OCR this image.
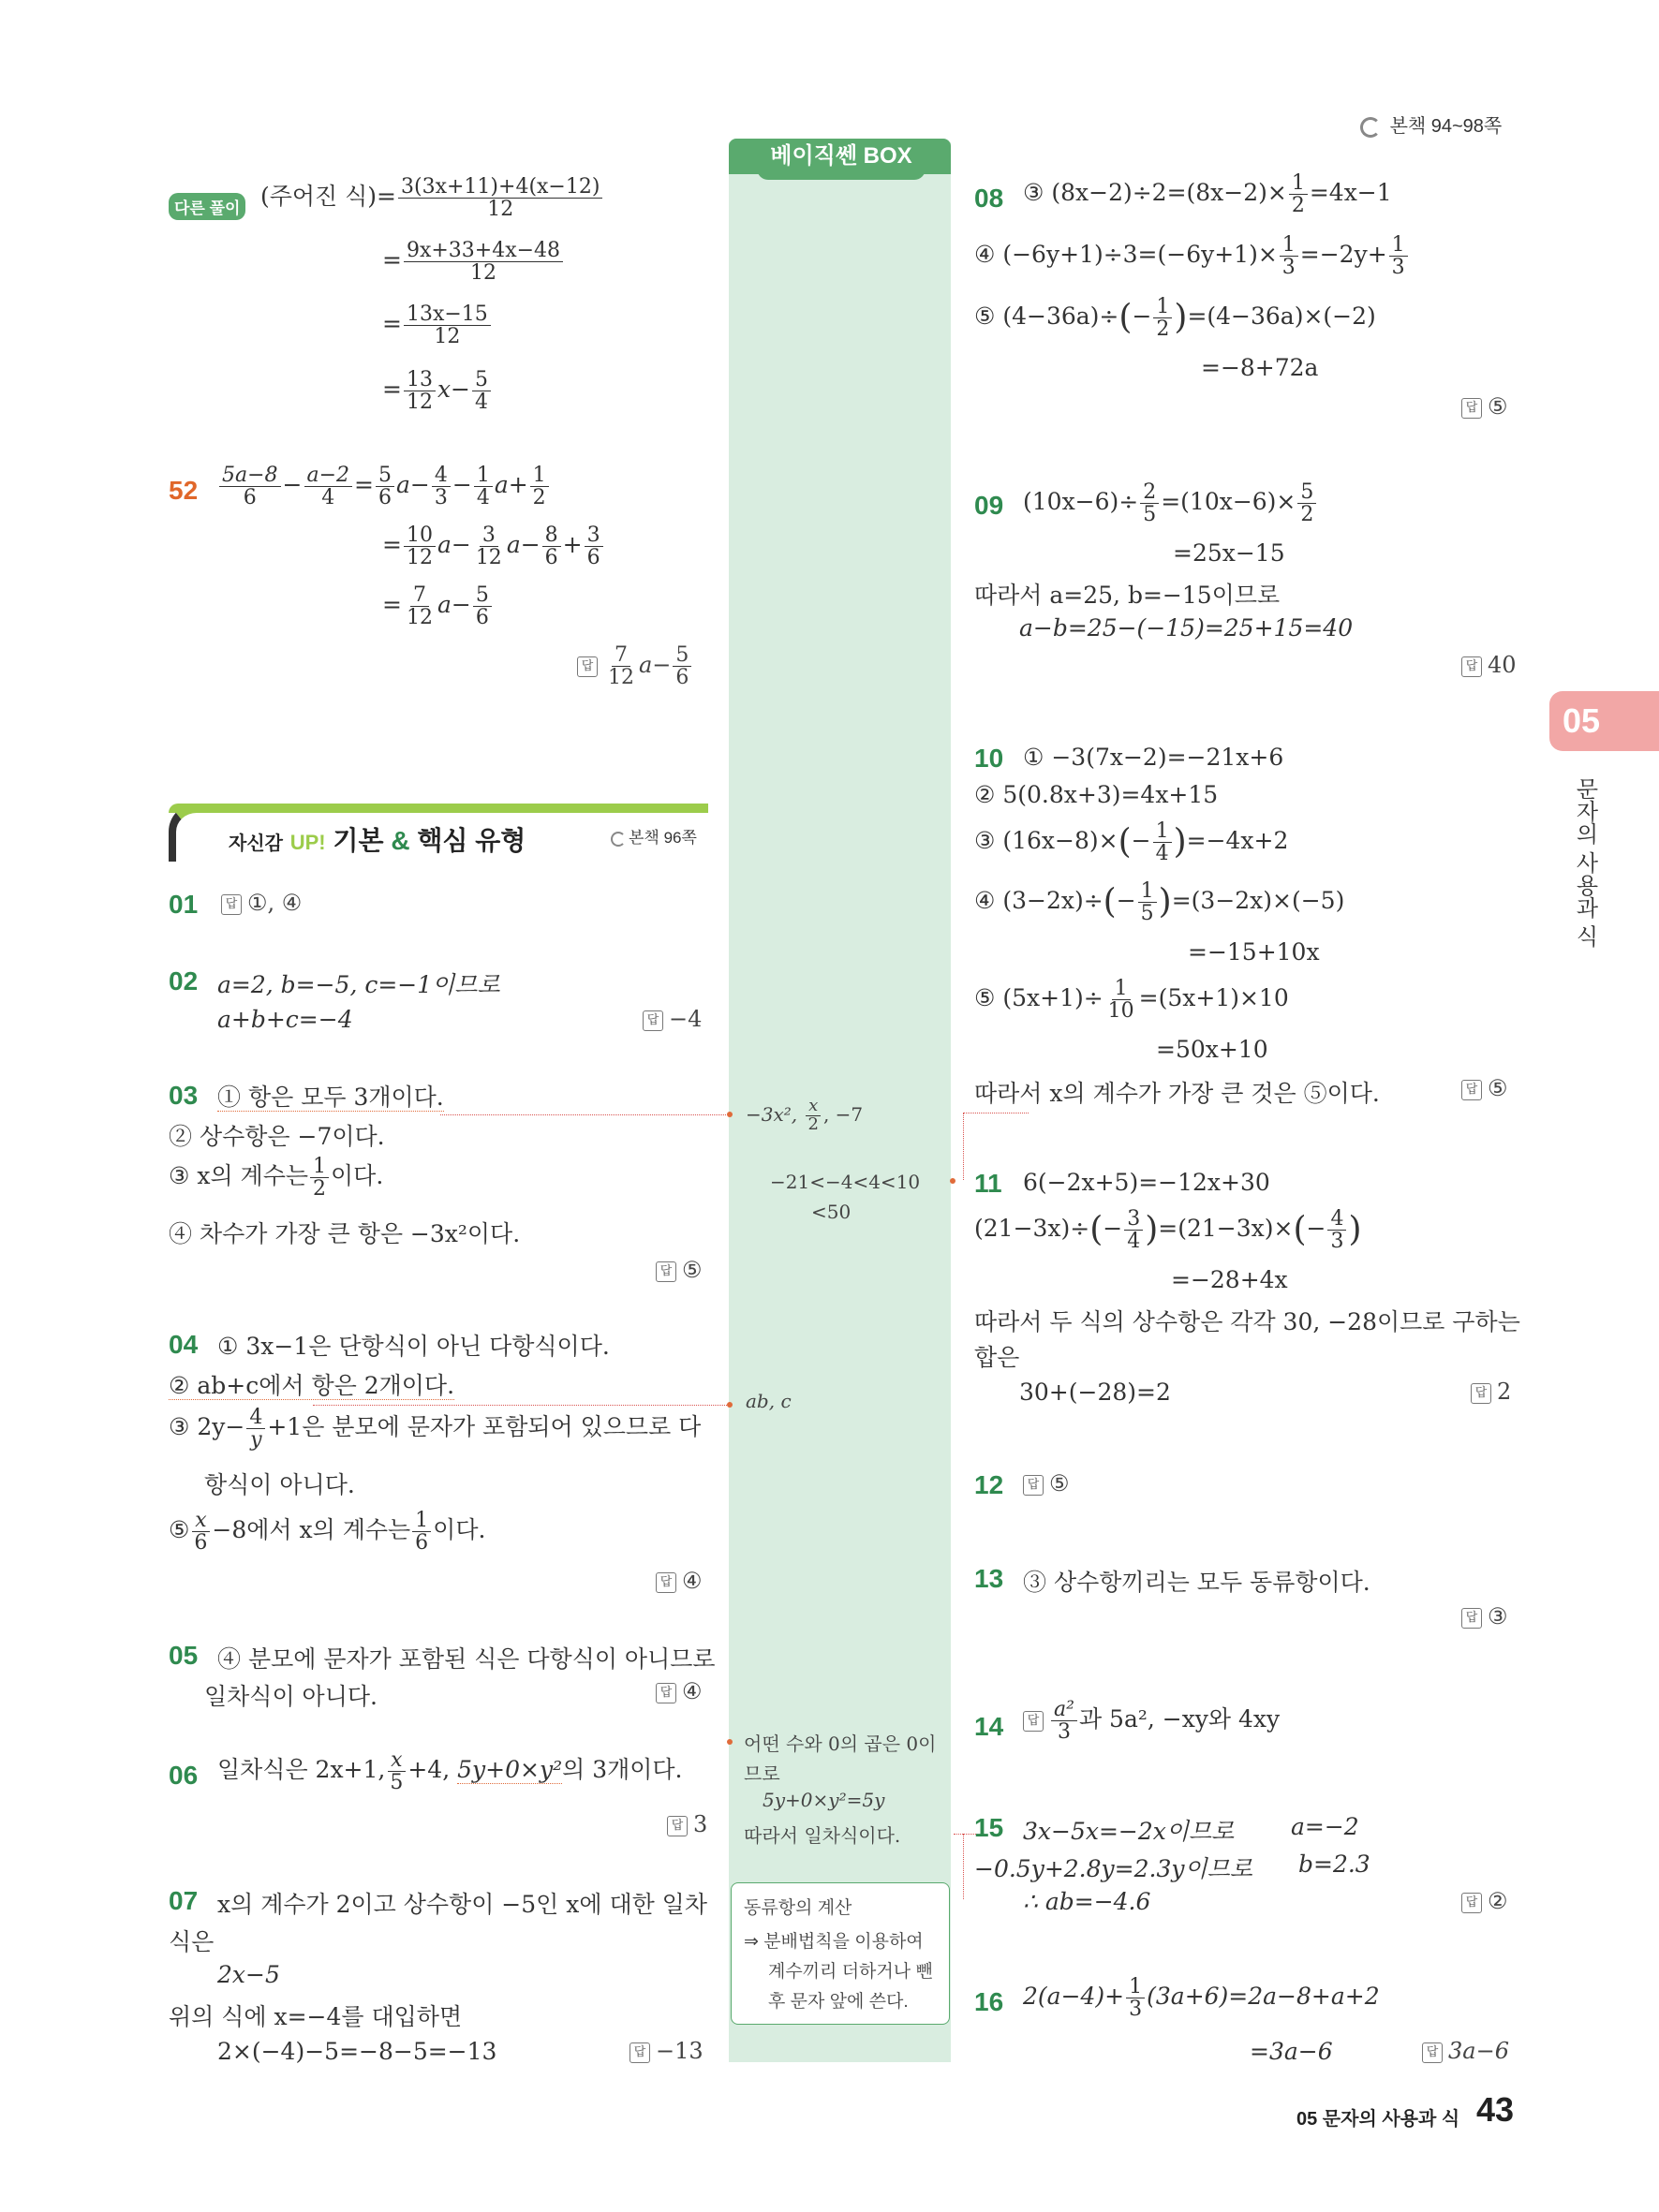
본책 94~98쪽
베이직쎈 BOX
다른 풀이 (주어진 식)= $\frac{3(3x+11)+4(x-12)}{12}$
= $\frac{9x+33+4x-48}{12}$
= $\frac{13x-15}{12}$
= $\frac{13}{12} x- \frac{5}{4}$
$52 \frac{5a-8}{6} - \frac{a-2}{4} = \frac{5}{6} a- \frac{4}{3} - \frac{1}{4} a+ \frac{1}{2}$
= $\frac{10}{12} a- \frac{3}{12} a- \frac{8}{6} + \frac{3}{6}$
= $\frac{7}{12} a- \frac{5}{6}$
답 $\frac{7}{12} a- \frac{5}{6}$
자신감 UP! 기본 & 핵심 유형	본책 96쪽
01	답 ①, ④
02 a=2, b=−5, c=−1이므로
a+b+c=−4	답 −4
03 ① 항은 모두 3개이다.
② 상수항은 −7이다.
③ x의 계수는 $\frac{1}{2}$ 이다.
④ 차수가 가장 큰 항은 −3x²이다.
답 ⑤
04 ① 3x−1은 단항식이 아닌 다항식이다.
② ab+c에서 항은 2개이다.
③ $2y- \frac{4}{y} +1$은 분모에 문자가 포함되어 있으므로 다
항식이 아니다.
⑤ $\frac{x}{6} -8$에서 x의 계수는 $\frac{1}{6}$ 이다.
답 ④
05 ④ 분모에 문자가 포함된 식은 다항식이 아니므로
일차식이 아니다.	답 ④
06 일차식은 2x+1, $\frac{x}{5} +4$, 5y+0×y²의 3개이다.
답 3
07 x의 계수가 2이고 상수항이 −5인 x에 대한 일차
식은
2x−5
위의 식에 x=−4를 대입하면
2×(−4)−5=−8−5=−13	답 −13
−3x², $\frac{x}{2}$ , −7
−21<−4<4<10
<50
ab, c
어떤 수와 0의 곱은 0이
므로
5y+0×y²=5y
따라서 일차식이다.
동류항의 계산
⇒ 분배법칙을 이용하여
계수끼리 더하거나 뺀
후 문자 앞에 쓴다.
08 ③ $(8x-2)\div 2=(8x-2)\times \frac{1}{2} =4x-1$
④ $(-6y+1)\div 3=(-6y+1)\times \frac{1}{3} =-2y+ \frac{1}{3}$
⑤ $(4-36a)\div(- \frac{1}{2} )=(4-36a)\times(-2)$
=−8+72a
답 ⑤
09 $(10x-6)\div \frac{2}{5} =(10x-6)\times \frac{5}{2}$
=25x−15
따라서 a=25, b=−15이므로
a−b=25−(−15)=25+15=40
답 40
10 ① −3(7x−2)=−21x+6
② 5(0.8x+3)=4x+15
③ $(16x-8)\times(- \frac{1}{4} )=-4x+2$
④ $(3-2x)\div(- \frac{1}{5} )=(3-2x)\times(-5)$
=−15+10x
⑤ $(5x+1)\div \frac{1}{10} =(5x+1)\times 10$
=50x+10
따라서 x의 계수가 가장 큰 것은 ⑤이다.	답 ⑤
11 6(−2x+5)=−12x+30
$(21-3x)\div(- \frac{3}{4} )=(21-3x)\times(- \frac{4}{3}$ )
=−28+4x
따라서 두 식의 상수항은 각각 30, −28이므로 구하는
합은
30+(−28)=2	답 2
12	답 ⑤
13 ③ 상수항끼리는 모두 동류항이다.
답 ③
14	답 $\frac{\text{a²}}{3}$ 과 5a², −xy와 4xy
15 3x−5x=−2x이므로 a=−2
−0.5y+2.8y=2.3y이므로 b=2.3
∴ ab=−4.6	답 ②
16 $2(a-4)+ \frac{1}{3} (3a+6)=2a-8+a+2$
=3a−6	답 3a−6
05
문자의 사용과 식
05 문자의 사용과 식 43
